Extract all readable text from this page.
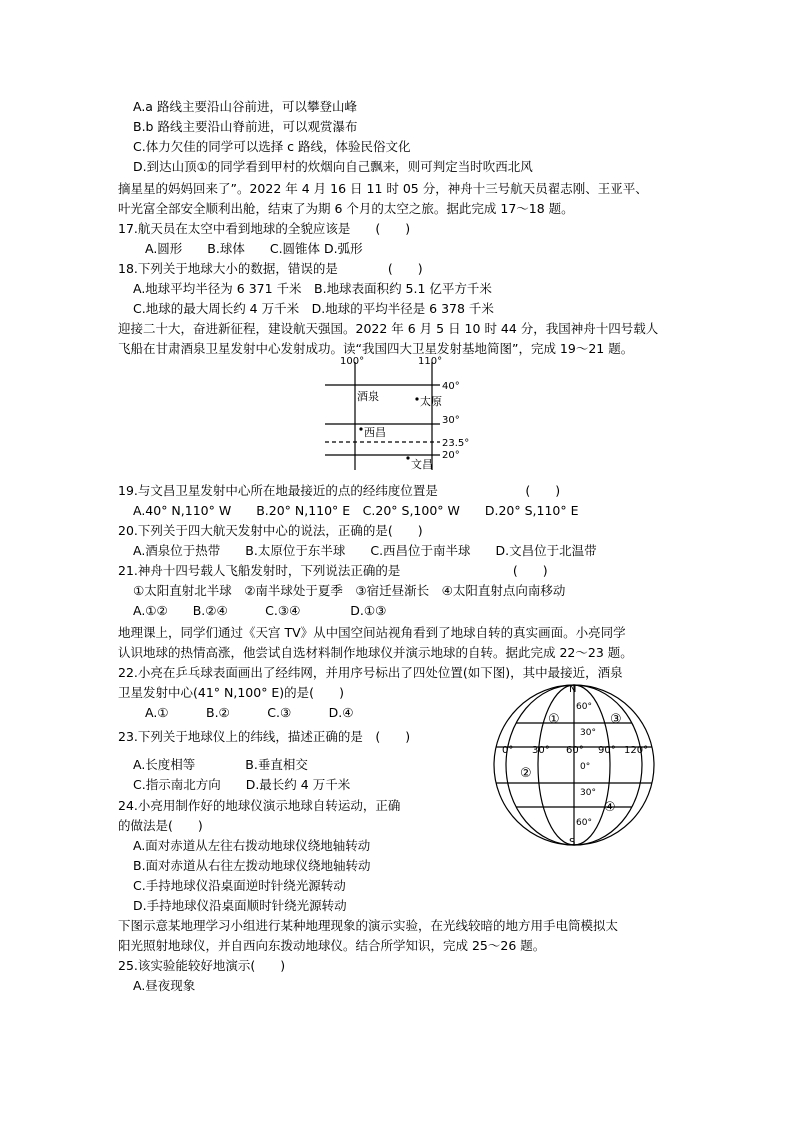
A.a 路线主要沿山谷前进，可以攀登山峰
B.b 路线主要沿山脊前进，可以观赏瀑布
C.体力欠佳的同学可以选择 c 路线，体验民俗文化
D.到达山顶①的同学看到甲村的炊烟向自己飘来，则可判定当时吹西北风
摘星星的妈妈回来了”。2022 年 4 月 16 日 11 时 05 分，神舟十三号航天员翟志刚、王亚平、
叶光富全部安全顺利出舱，结束了为期 6 个月的太空之旅。据此完成 17～18 题。
17.航天员在太空中看到地球的全貌应该是　　(　　)
A.圆形　　B.球体　　C.圆锥体 D.弧形
18.下列关于地球大小的数据，错误的是　　　　(　　)
A.地球平均半径为 6 371 千米　B.地球表面积约 5.1 亿平方千米
C.地球的最大周长约 4 万千米　D.地球的平均半径是 6 378 千米
迎接二十大，奋进新征程，建设航天强国。2022 年 6 月 5 日 10 时 44 分，我国神舟十四号载人
飞船在甘肃酒泉卫星发射中心发射成功。读“我国四大卫星发射基地简图”，完成 19～21 题。
19.与文昌卫星发射中心所在地最接近的点的经纬度位置是　　　　　　　(　　)
A.40° N,110° W　　B.20° N,110° E　C.20° S,100° W　　D.20° S,110° E
20.下列关于四大航天发射中心的说法，正确的是(　　)
A.酒泉位于热带　　B.太原位于东半球　　C.西昌位于南半球　　D.文昌位于北温带
21.神舟十四号载人飞船发射时，下列说法正确的是　　　　　　　　　(　　)
①太阳直射北半球　②南半球处于夏季　③宿迁昼渐长　④太阳直射点向南移动
A.①②　　B.②④　　　C.③④　　　　D.①③
地理课上，同学们通过《天宫 TV》从中国空间站视角看到了地球自转的真实画面。小亮同学
认识地球的热情高涨，他尝试自选材料制作地球仪并演示地球的自转。据此完成 22～23 题。
22.小亮在乒乓球表面画出了经纬网，并用序号标出了四处位置(如下图)，其中最接近，酒泉
卫星发射中心(41° N,100° E)的是(　　)
A.①　　　B.②　　　C.③　　　D.④
23.下列关于地球仪上的纬线，描述正确的是　(　　)
A.长度相等　　　　B.垂直相交
C.指示南北方向　　D.最长约 4 万千米
24.小亮用制作好的地球仪演示地球自转运动，正确
的做法是(　　)
A.面对赤道从左往右拨动地球仪绕地轴转动
B.面对赤道从右往左拨动地球仪绕地轴转动
C.手持地球仪沿桌面逆时针绕光源转动
D.手持地球仪沿桌面顺时针绕光源转动
下图示意某地理学习小组进行某种地理现象的演示实验，在光线较暗的地方用手电筒模拟太
阳光照射地球仪，并自西向东拨动地球仪。结合所学知识，完成 25～26 题。
25.该实验能较好地演示(　　)
A.昼夜现象
100°	110°
40°
30°
23.5°
20°
酒泉	太原
西昌
文昌
N
S
0° 30° 60° 90° 120°
60°
30°
0°
30°
60°
①
②
③
④
